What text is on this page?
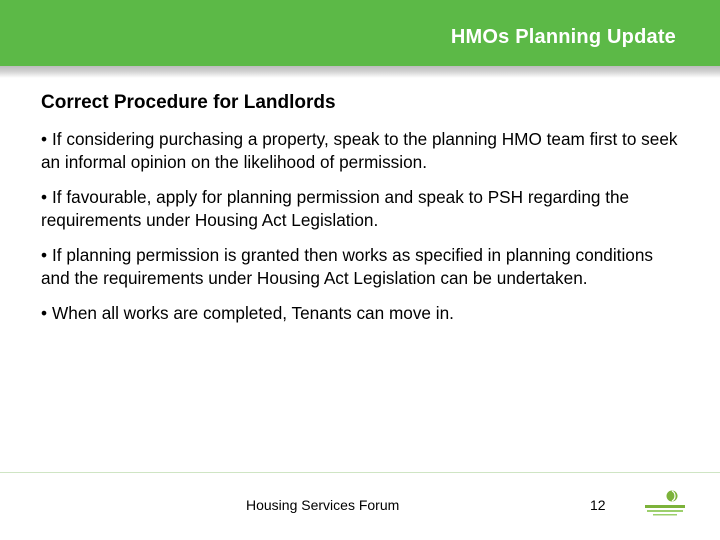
HMOs Planning Update

Correct Procedure for Landlords

• If considering purchasing a property, speak to the planning HMO team first to seek an informal opinion on the likelihood of permission.

• If favourable, apply for planning permission and speak to PSH regarding the requirements under Housing Act Legislation.

• If planning permission is granted then works as specified in planning conditions and the requirements under Housing Act Legislation can be undertaken.

• When all works are completed, Tenants can move in.

Housing Services Forum	12
